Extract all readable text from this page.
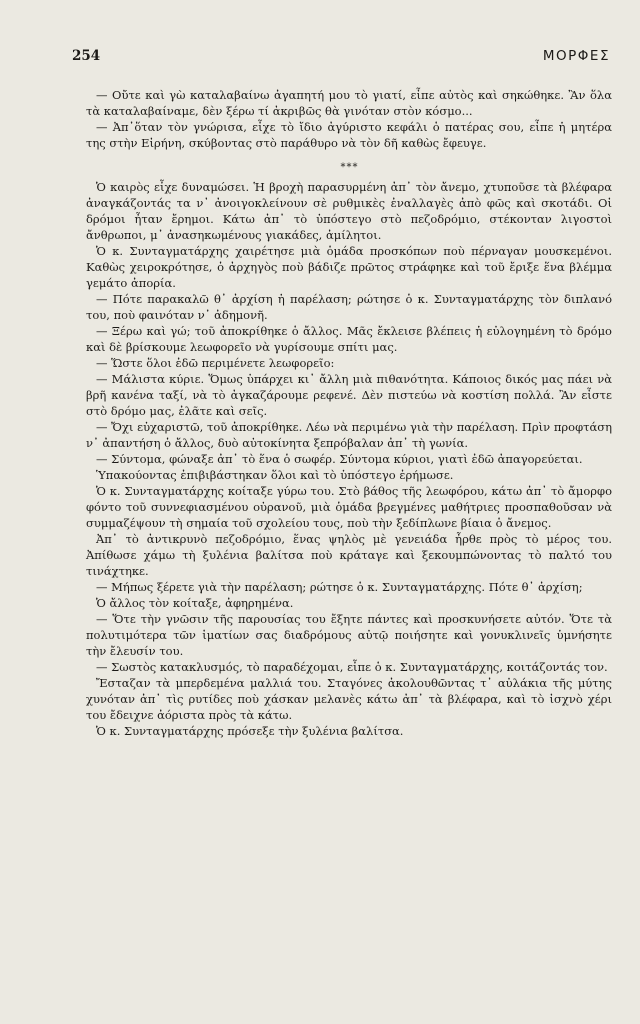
254	ΜΟΡΦΕΣ

— Οὔτε καὶ γὼ καταλαβαίνω ἀγαπητή μου τὸ γιατί, εἶπε αὐτὸς καὶ σηκώθηκε. Ἂν ὅλα τὰ καταλαβαίναμε, δὲν ξέρω τί ἀκριβῶς θὰ γινόταν στὸν κόσμο...

— Ἀπ᾿ὅταν τὸν γνώρισα, εἶχε τὸ ἴδιο ἀγύριστο κεφάλι ὁ πατέρας σου, εἶπε ἡ μητέρα της στὴν Εἰρήνη, σκύβοντας στὸ παράθυρο νὰ τὸν δῆ καθὼς ἔφευγε.

* * *

Ὁ καιρὸς εἶχε δυναμώσει. Ἡ βροχὴ παρασυρμένη ἀπ᾿ τὸν ἄνεμο, χτυποῦσε τὰ βλέφαρα ἀναγκάζοντάς τα ν᾿ ἀνοιγοκλείνουν σὲ ρυθμικὲς ἐναλλαγὲς ἀπὸ φῶς καὶ σκοτάδι. Οἱ δρόμοι ἦταν ἔρημοι. Κάτω ἀπ᾿ τὸ ὑπόστεγο στὸ πεζοδρόμιο, στέκονταν λιγοστοὶ ἄνθρωποι, μ᾿ ἀνασηκωμένους γιακάδες, ἀμίλητοι.

Ὁ κ. Συνταγματάρχης χαιρέτησε μιὰ ὁμάδα προσκόπων ποὺ πέρναγαν μουσκεμένοι. Καθὼς χειροκρότησε, ὁ ἀρχηγὸς ποὺ βάδιζε πρῶτος στράφηκε καὶ τοῦ ἔριξε ἕνα βλέμμα γεμάτο ἀπορία.

— Πότε παρακαλῶ θ᾿ ἀρχίση ἡ παρέλαση; ρώτησε ὁ κ. Συνταγματάρχης τὸν διπλανό του, ποὺ φαινόταν ν᾿ ἀδημονῆ.

— Ξέρω καὶ γώ; τοῦ ἀποκρίθηκε ὁ ἄλλος. Μᾶς ἔκλεισε βλέπεις ἡ εὐλογημένη τὸ δρόμο καὶ δὲ βρίσκουμε λεωφορεῖο νὰ γυρίσουμε σπίτι μας.

— Ὥστε ὅλοι ἐδῶ περιμένετε λεωφορεῖο:

— Μάλιστα κύριε. Ὅμως ὑπάρχει κι᾿ ἄλλη μιὰ πιθανότητα. Κάποιος δικός μας πάει νὰ βρῆ κανένα ταξί, νὰ τὸ ἀγκαζάρουμε ρεφενέ. Δὲν πιστεύω νὰ κοστίση πολλά. Ἂν εἶστε στὸ δρόμο μας, ἐλᾶτε καὶ σεῖς.

— Ὄχι εὐχαριστῶ, τοῦ ἀποκρίθηκε. Λέω νὰ περιμένω γιὰ τὴν παρέλαση. Πρὶν προφτάση ν᾿ ἀπαντήση ὁ ἄλλος, δυὸ αὐτοκίνητα ξεπρόβαλαν ἀπ᾿ τὴ γωνία.

— Σύντομα, φώναξε ἀπ᾿ τὸ ἕνα ὁ σωφέρ. Σύντομα κύριοι, γιατὶ ἐδῶ ἀπαγορεύεται.

Ὑπακούοντας ἐπιβιβάστηκαν ὅλοι καὶ τὸ ὑπόστεγο ἐρήμωσε.

Ὁ κ. Συνταγματάρχης κοίταξε γύρω του. Στὸ βάθος τῆς λεωφόρου, κάτω ἀπ᾿ τὸ ἄμορφο φόντο τοῦ συννεφιασμένου οὐρανοῦ, μιὰ ὁμάδα βρεγμένες μαθήτριες προσπαθοῦσαν νὰ συμμαζέψουν τὴ σημαία τοῦ σχολείου τους, ποὺ τὴν ξεδίπλωνε βίαια ὁ ἄνεμος.

Ἀπ᾿ τὸ ἀντικρυνὸ πεζοδρόμιο, ἕνας ψηλὸς μὲ γενειάδα ἦρθε πρὸς τὸ μέρος του. Ἀπίθωσε χάμω τὴ ξυλένια βαλίτσα ποὺ κράταγε καὶ ξεκουμπώνοντας τὸ παλτό του τινάχτηκε.

— Μήπως ξέρετε γιὰ τὴν παρέλαση; ρώτησε ὁ κ. Συνταγματάρχης. Πότε θ᾿ ἀρχίση;

Ὁ ἄλλος τὸν κοίταξε, ἀφηρημένα.

— Ὅτε τὴν γνῶσιν τῆς παρουσίας του ἔξητε πάντες καὶ προσκυνήσετε αὐτόν. Ὅτε τὰ πολυτιμότερα τῶν ἱματίων σας διαδρόμους αὐτῷ ποιήσητε καὶ γονυκλινεῖς ὑμνήσητε τὴν ἔλευσίν του.

— Σωστὸς κατακλυσμός, τὸ παραδέχομαι, εἶπε ὁ κ. Συνταγματάρχης, κοιτάζοντάς τον.

Ἔσταζαν τὰ μπερδεμένα μαλλιά του. Σταγόνες ἀκολουθῶντας τ᾿ αὐλάκια τῆς μύτης χυνόταν ἀπ᾿ τὶς ρυτίδες ποὺ χάσκαν μελανὲς κάτω ἀπ᾿ τὰ βλέφαρα, καὶ τὸ ἰσχνὸ χέρι του ἔδειχνε ἀόριστα πρὸς τὰ κάτω.

Ὁ κ. Συνταγματάρχης πρόσεξε τὴν ξυλένια βαλίτσα.
